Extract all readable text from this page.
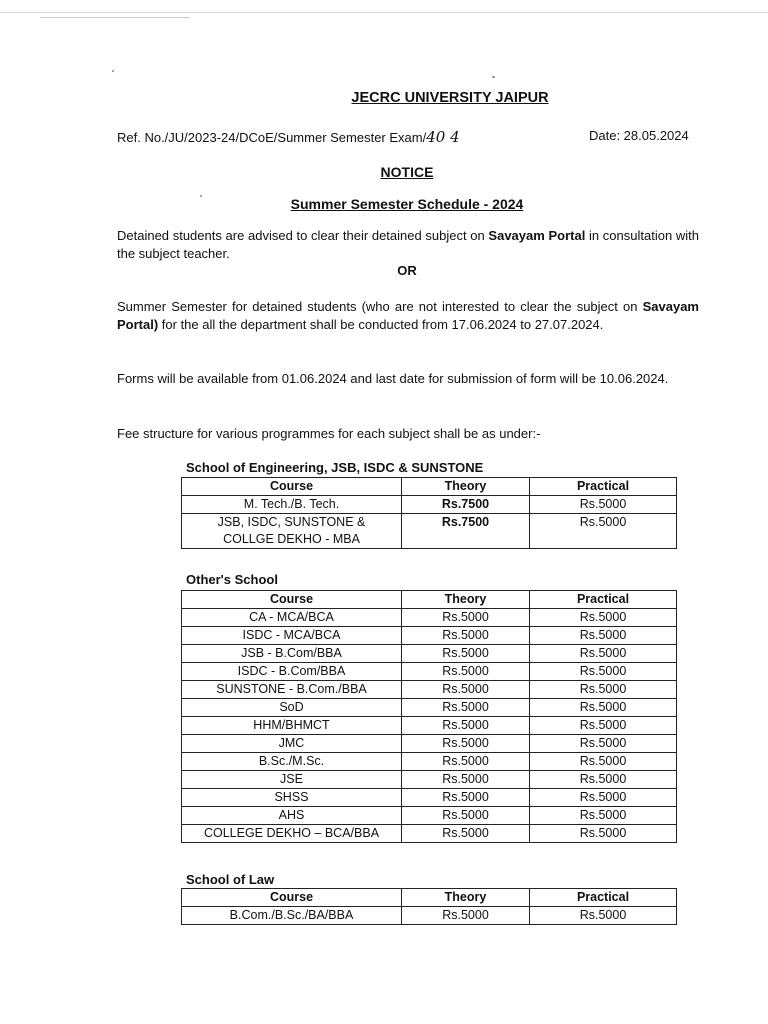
JECRC UNIVERSITY JAIPUR
Ref. No./JU/2023-24/DCoE/Summer Semester Exam/40 4	Date: 28.05.2024
NOTICE
Summer Semester Schedule - 2024
Detained students are advised to clear their detained subject on Savayam Portal in consultation with the subject teacher.
OR
Summer Semester for detained students (who are not interested to clear the subject on Savayam Portal) for the all the department shall be conducted from 17.06.2024 to 27.07.2024.
Forms will be available from 01.06.2024 and last date for submission of form will be 10.06.2024.
Fee structure for various programmes for each subject shall be as under:-
School of Engineering, JSB, ISDC & SUNSTONE
Course	Theory	Practical
M. Tech./B. Tech.	Rs.7500	Rs.5000

JSB, ISDC, SUNSTONE &
COLLGE DEKHO - MBA	Rs.7500	Rs.5000
Other's School
Course	Theory	Practical
CA - MCA/BCA	Rs.5000	Rs.5000
ISDC - MCA/BCA	Rs.5000	Rs.5000
JSB - B.Com/BBA	Rs.5000	Rs.5000
ISDC - B.Com/BBA	Rs.5000	Rs.5000
SUNSTONE - B.Com./BBA	Rs.5000	Rs.5000
SoD	Rs.5000	Rs.5000
HHM/BHMCT	Rs.5000	Rs.5000
JMC	Rs.5000	Rs.5000
B.Sc./M.Sc.	Rs.5000	Rs.5000
JSE	Rs.5000	Rs.5000
SHSS	Rs.5000	Rs.5000
AHS	Rs.5000	Rs.5000
COLLEGE DEKHO – BCA/BBA	Rs.5000	Rs.5000
School of Law
Course	Theory	Practical
B.Com./B.Sc./BA/BBA	Rs.5000	Rs.5000
